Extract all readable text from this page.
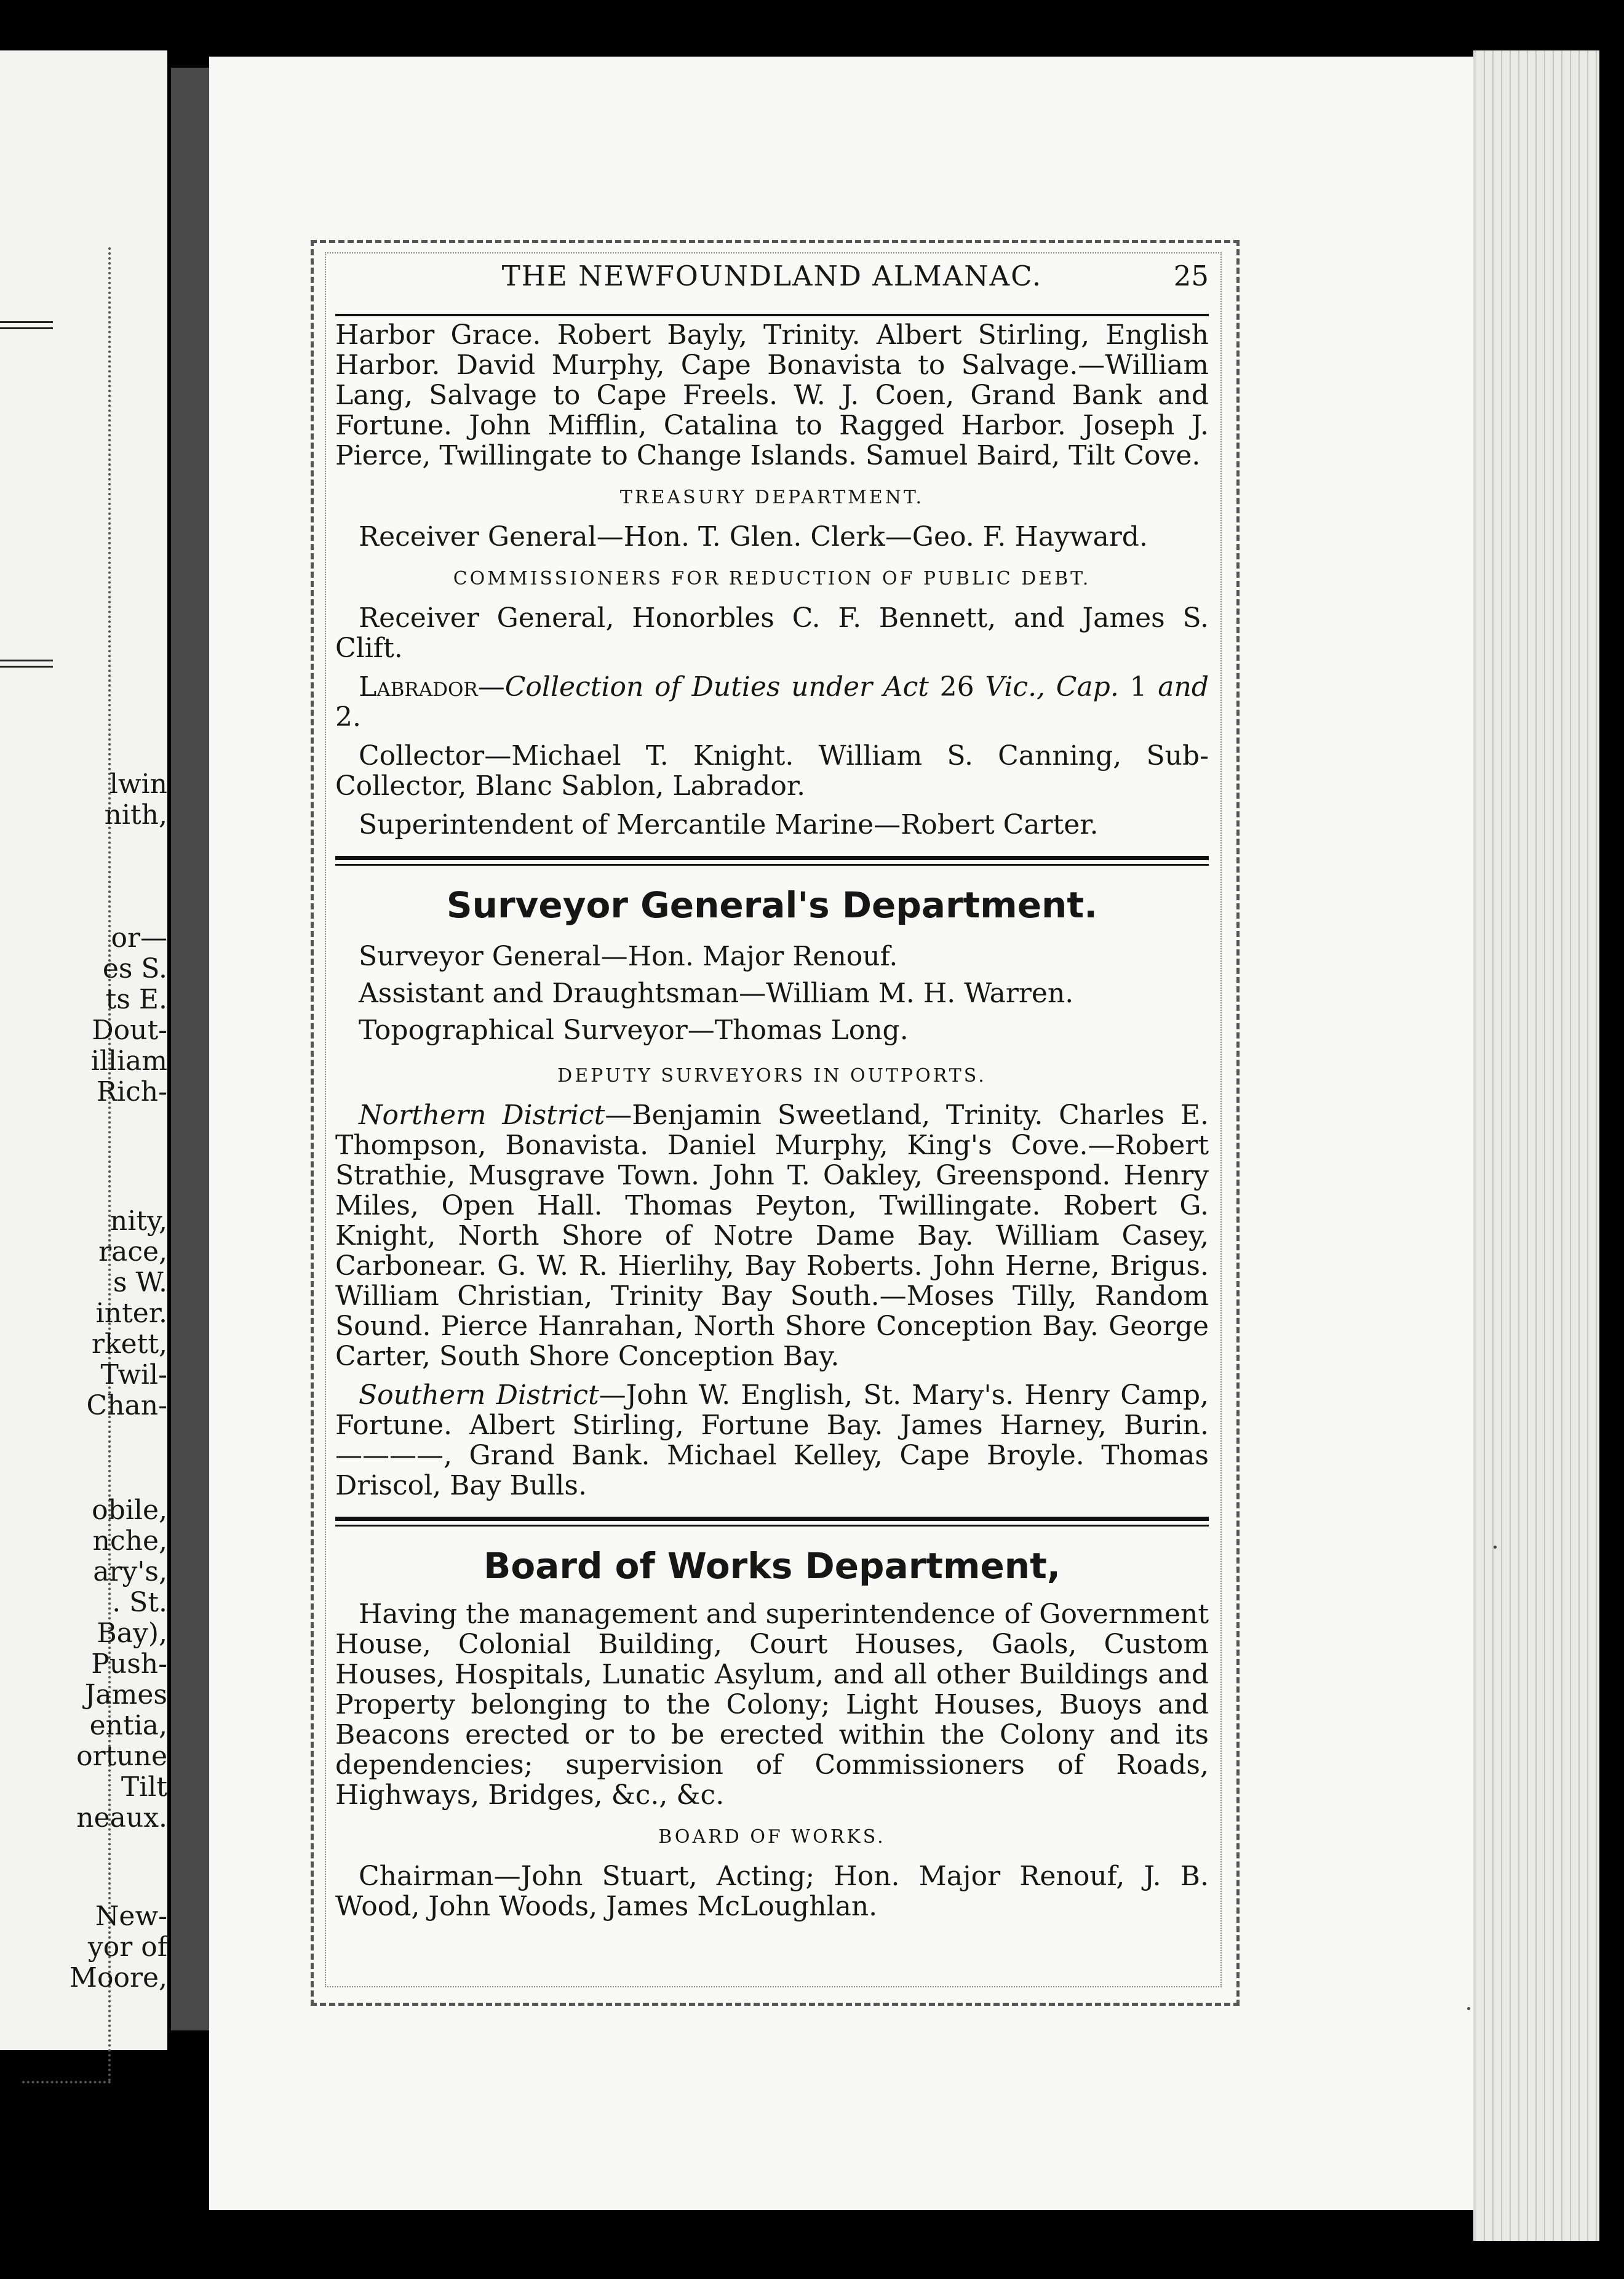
lwin
nith,
or—
es S.
ts E.
Dout-
illiam
Rich-
nity,
race,
s W.
inter.
rkett,
Twil-
Chan-
obile,
nche,
ary's,
. St.
Bay),
Push-
James
entia,
ortune
Tilt
neaux.
New-
yor of
Moore,
THE NEWFOUNDLAND ALMANAC.	25

Harbor Grace. Robert Bayly, Trinity. Albert Stirling, English Harbor. David Murphy, Cape Bonavista to Salvage.—William Lang, Salvage to Cape Freels. W. J. Coen, Grand Bank and Fortune. John Mifflin, Catalina to Ragged Harbor. Joseph J. Pierce, Twillingate to Change Islands. Samuel Baird, Tilt Cove.

TREASURY DEPARTMENT.

Receiver General—Hon. T. Glen. Clerk—Geo. F. Hayward.

COMMISSIONERS FOR REDUCTION OF PUBLIC DEBT.

Receiver General, Honorbles C. F. Bennett, and James S. Clift.

Labrador—Collection of Duties under Act 26 Vic., Cap. 1 and 2.

Collector—Michael T. Knight. William S. Canning, Sub-Collector, Blanc Sablon, Labrador.

Superintendent of Mercantile Marine—Robert Carter.

Surveyor General's Department.
Surveyor General—Hon. Major Renouf.
Assistant and Draughtsman—William M. H. Warren.
Topographical Surveyor—Thomas Long.
DEPUTY SURVEYORS IN OUTPORTS.

Northern District—Benjamin Sweetland, Trinity. Charles E. Thompson, Bonavista. Daniel Murphy, King's Cove.—Robert Strathie, Musgrave Town. John T. Oakley, Greenspond. Henry Miles, Open Hall. Thomas Peyton, Twillingate. Robert G. Knight, North Shore of Notre Dame Bay. William Casey, Carbonear. G. W. R. Hierlihy, Bay Roberts. John Herne, Brigus. William Christian, Trinity Bay South.—Moses Tilly, Random Sound. Pierce Hanrahan, North Shore Conception Bay. George Carter, South Shore Conception Bay.

Southern District—John W. English, St. Mary's. Henry Camp, Fortune. Albert Stirling, Fortune Bay. James Harney, Burin. ————, Grand Bank. Michael Kelley, Cape Broyle. Thomas Driscol, Bay Bulls.

Board of Works Department,

Having the management and superintendence of Government House, Colonial Building, Court Houses, Gaols, Custom Houses, Hospitals, Lunatic Asylum, and all other Buildings and Property belonging to the Colony; Light Houses, Buoys and Beacons erected or to be erected within the Colony and its dependencies; supervision of Commissioners of Roads, Highways, Bridges, &c., &c.

BOARD OF WORKS.

Chairman—John Stuart, Acting; Hon. Major Renouf, J. B. Wood, John Woods, James McLoughlan.
